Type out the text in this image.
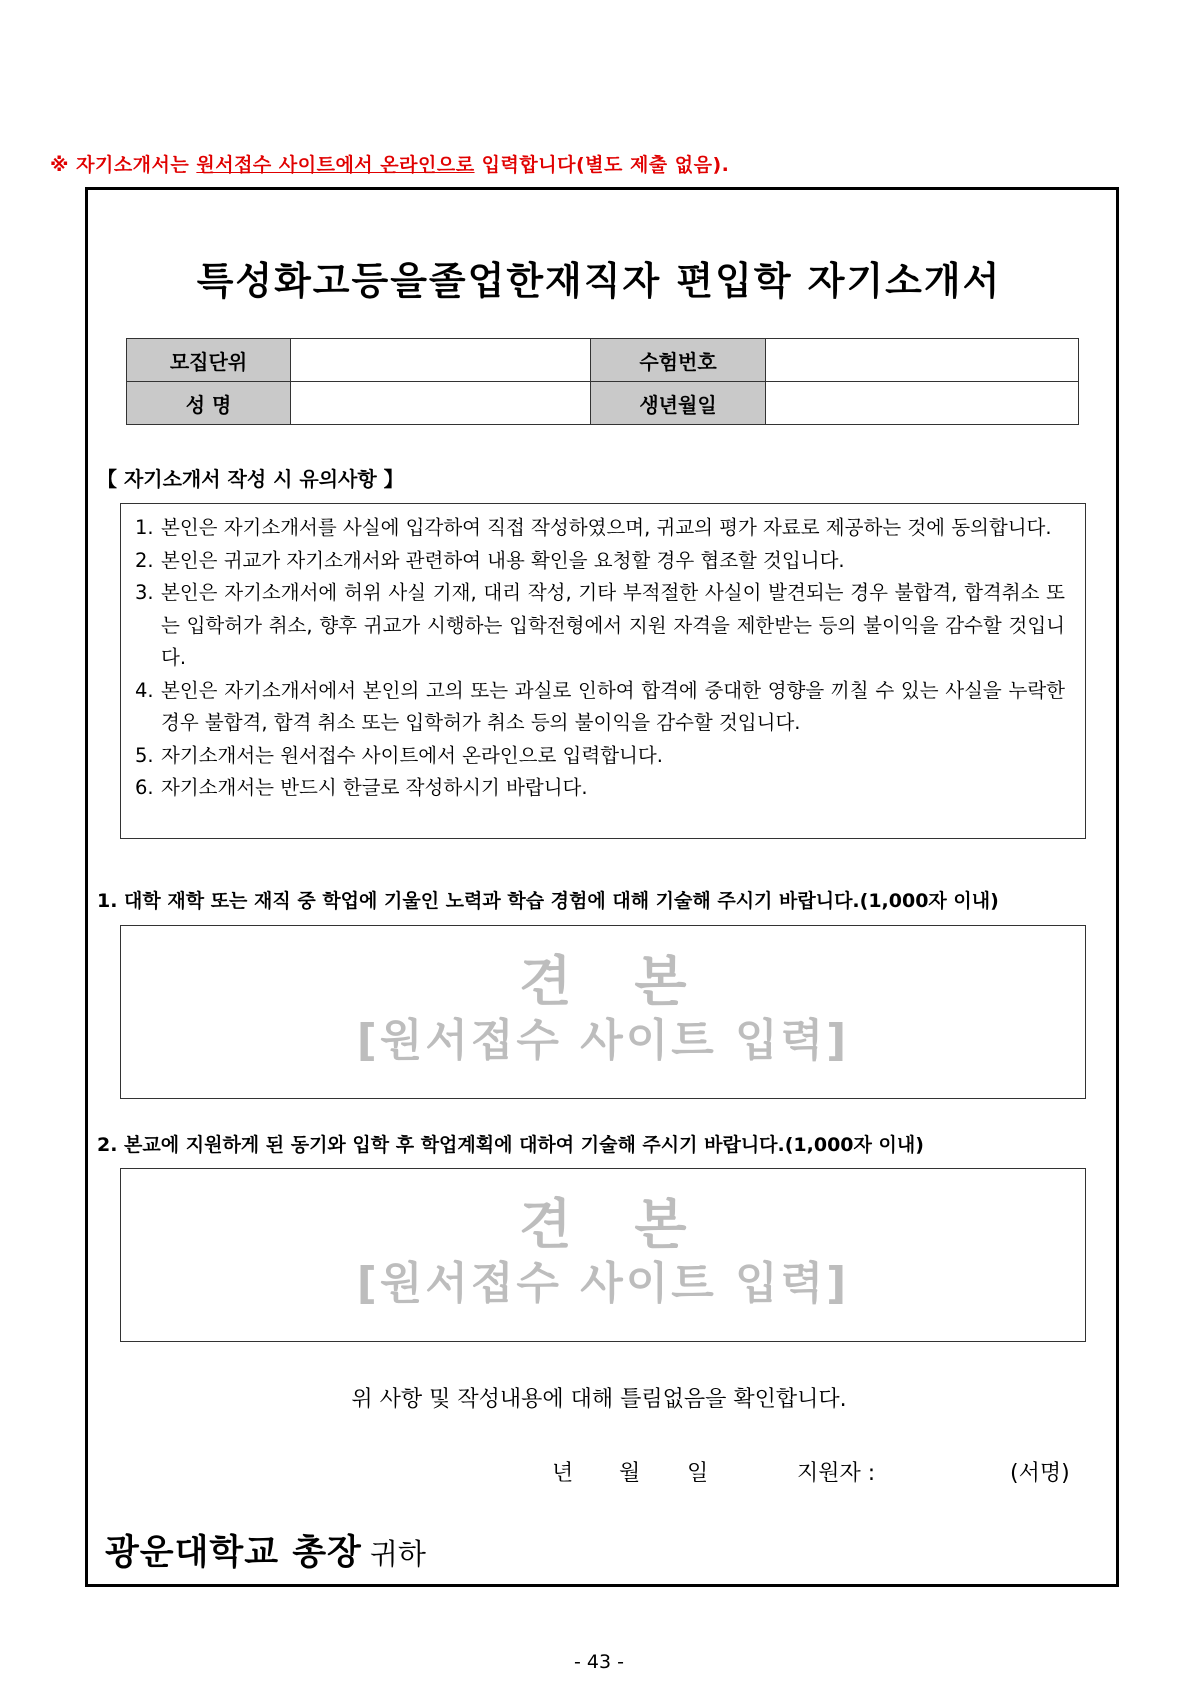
※ 자기소개서는 원서접수 사이트에서 온라인으로 입력합니다(별도 제출 없음).
특성화고등을졸업한재직자 편입학 자기소개서
모집단위		수험번호	
성 명		생년월일	
【 자기소개서 작성 시 유의사항 】
1. 본인은 자기소개서를 사실에 입각하여 직접 작성하였으며, 귀교의 평가 자료로 제공하는 것에 동의합니다.
2. 본인은 귀교가 자기소개서와 관련하여 내용 확인을 요청할 경우 협조할 것입니다.
3. 본인은 자기소개서에 허위 사실 기재, 대리 작성, 기타 부적절한 사실이 발견되는 경우 불합격, 합격취소 또는 입학허가 취소, 향후 귀교가 시행하는 입학전형에서 지원 자격을 제한받는 등의 불이익을 감수할 것입니다.
4. 본인은 자기소개서에서 본인의 고의 또는 과실로 인하여 합격에 중대한 영향을 끼칠 수 있는 사실을 누락한 경우 불합격, 합격 취소 또는 입학허가 취소 등의 불이익을 감수할 것입니다.
5. 자기소개서는 원서접수 사이트에서 온라인으로 입력합니다.
6. 자기소개서는 반드시 한글로 작성하시기 바랍니다.
1. 대학 재학 또는 재직 중 학업에 기울인 노력과 학습 경험에 대해 기술해 주시기 바랍니다.(1,000자 이내)
견 본
[원서접수 사이트 입력]
2. 본교에 지원하게 된 동기와 입학 후 학업계획에 대하여 기술해 주시기 바랍니다.(1,000자 이내)
견 본
[원서접수 사이트 입력]
위 사항 및 작성내용에 대해 틀림없음을 확인합니다.
년 월 일	지원자 :	(서명)
광운대학교 총장 귀하
- 43 -
